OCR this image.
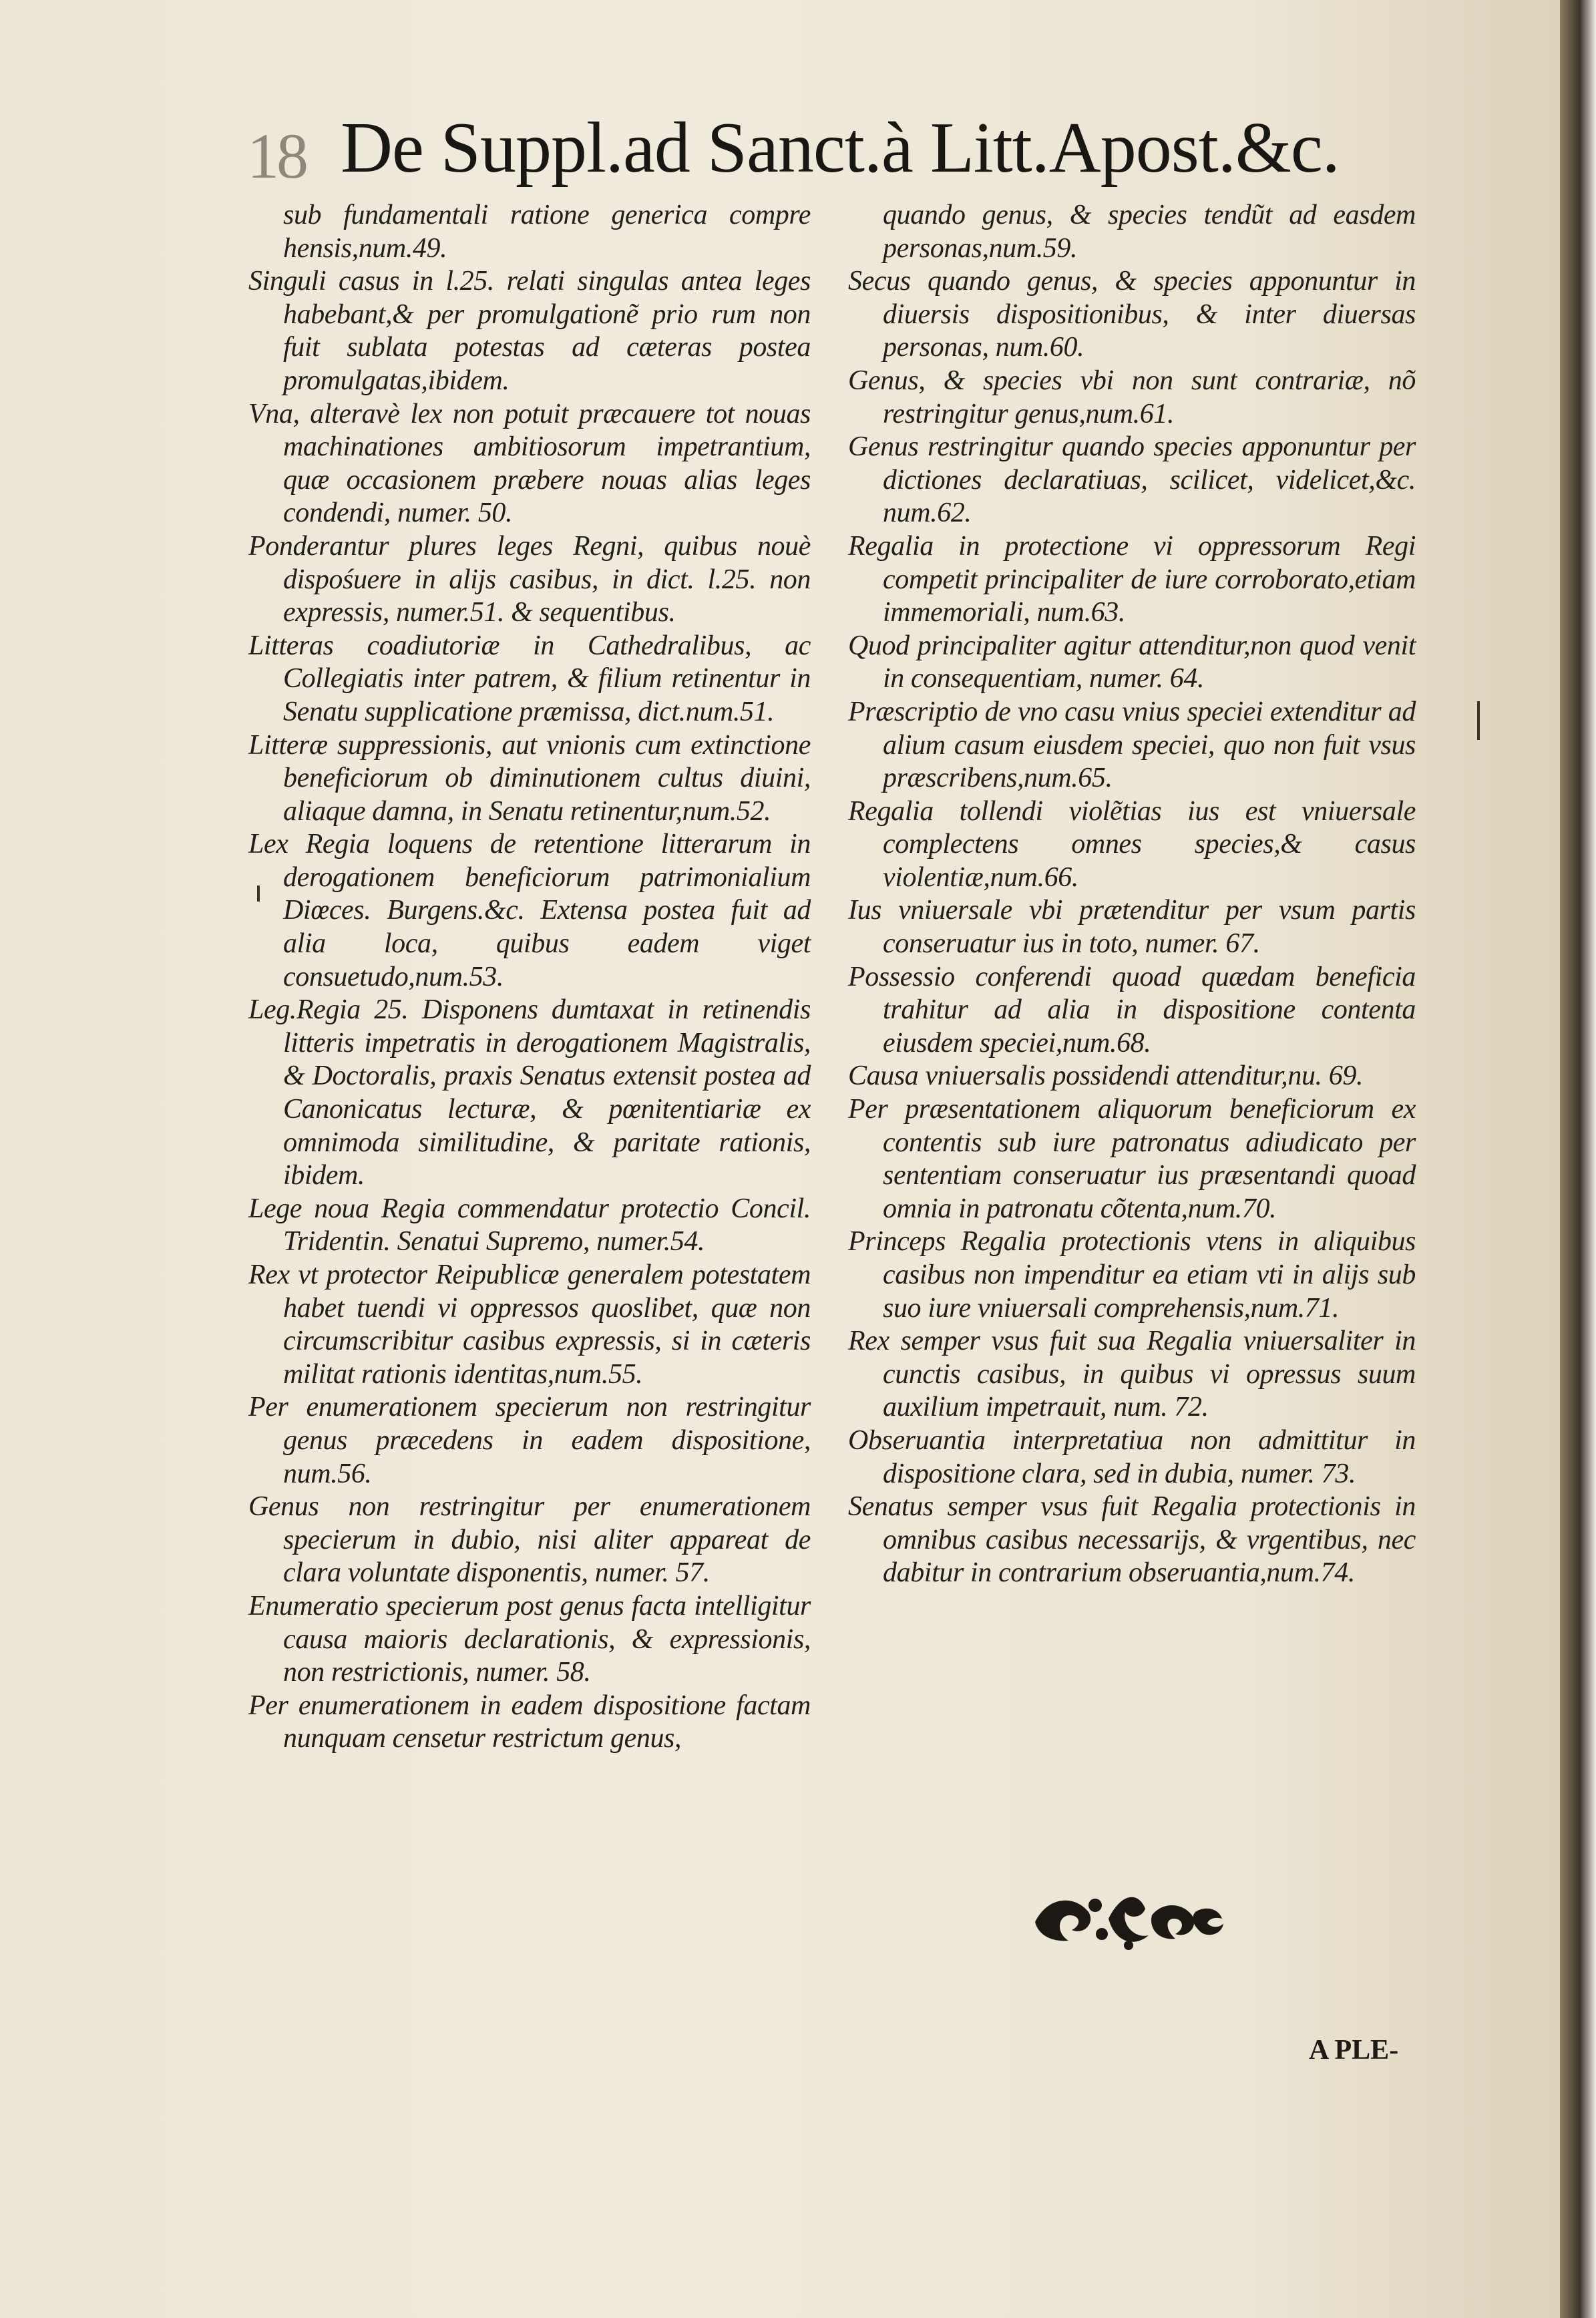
18 De Suppl.ad Sanct.à Litt.Apost.&c.

sub fundamentali ratione generica compre hensis,num.49.

Singuli casus in l.25. relati singulas antea leges habebant,& per promulgationẽ prio rum non fuit sublata potestas ad cæteras postea promulgatas,ibidem.

Vna, alteravè lex non potuit præcauere tot nouas machinationes ambitiosorum impetrantium, quæ occasionem præbere nouas alias leges condendi, numer. 50.

Ponderantur plures leges Regni, quibus nouè dispośuere in alijs casibus, in dict. l.25. non expressis, numer.51. & sequentibus.

Litteras coadiutoriæ in Cathedralibus, ac Collegiatis inter patrem, & filium retinentur in Senatu supplicatione præmissa, dict.num.51.

Litteræ suppressionis, aut vnionis cum extinctione beneficiorum ob diminutionem cultus diuini, aliaque damna, in Senatu retinentur,num.52.

Lex Regia loquens de retentione litterarum in derogationem beneficiorum patrimonialium Diœces. Burgens.&c. Extensa postea fuit ad alia loca, quibus eadem viget consuetudo,num.53.

Leg.Regia 25. Disponens dumtaxat in retinendis litteris impetratis in derogationem Magistralis, & Doctoralis, praxis Senatus extensit postea ad Canonicatus lecturæ, & pœnitentiariæ ex omnimoda similitudine, & paritate rationis, ibidem.

Lege noua Regia commendatur protectio Concil. Tridentin. Senatui Supremo, numer.54.

Rex vt protector Reipublicæ generalem potestatem habet tuendi vi oppressos quoslibet, quæ non circumscribitur casibus expressis, si in cæteris militat rationis identitas,num.55.

Per enumerationem specierum non restringitur genus præcedens in eadem dispositione, num.56.

Genus non restringitur per enumerationem specierum in dubio, nisi aliter appareat de clara voluntate disponentis, numer. 57.

Enumeratio specierum post genus facta intelligitur causa maioris declarationis, & expressionis, non restrictionis, numer. 58.

Per enumerationem in eadem dispositione factam nunquam censetur restrictum genus,

quando genus, & species tendũt ad easdem personas,num.59.

Secus quando genus, & species apponuntur in diuersis dispositionibus, & inter diuersas personas, num.60.

Genus, & species vbi non sunt contrariæ, nõ restringitur genus,num.61.

Genus restringitur quando species apponuntur per dictiones declaratiuas, scilicet, videlicet,&c. num.62.

Regalia in protectione vi oppressorum Regi competit principaliter de iure corroborato,etiam immemoriali, num.63.

Quod principaliter agitur attenditur,non quod venit in consequentiam, numer. 64.

Præscriptio de vno casu vnius speciei extenditur ad alium casum eiusdem speciei, quo non fuit vsus præscribens,num.65.

Regalia tollendi violẽtias ius est vniuersale complectens omnes species,& casus violentiæ,num.66.

Ius vniuersale vbi prætenditur per vsum partis conseruatur ius in toto, numer. 67.

Possessio conferendi quoad quædam beneficia trahitur ad alia in dispositione contenta eiusdem speciei,num.68.

Causa vniuersalis possidendi attenditur,nu. 69.

Per præsentationem aliquorum beneficiorum ex contentis sub iure patronatus adiudicato per sententiam conseruatur ius præsentandi quoad omnia in patronatu cõtenta,num.70.

Princeps Regalia protectionis vtens in aliquibus casibus non impenditur ea etiam vti in alijs sub suo iure vniuersali comprehensis,num.71.

Rex semper vsus fuit sua Regalia vniuersaliter in cunctis casibus, in quibus vi opressus suum auxilium impetrauit, num. 72.

Obseruantia interpretatiua non admittitur in dispositione clara, sed in dubia, numer. 73.

Senatus semper vsus fuit Regalia protectionis in omnibus casibus necessarijs, & vrgentibus, nec dabitur in contrarium obseruantia,num.74.

A PLE-
